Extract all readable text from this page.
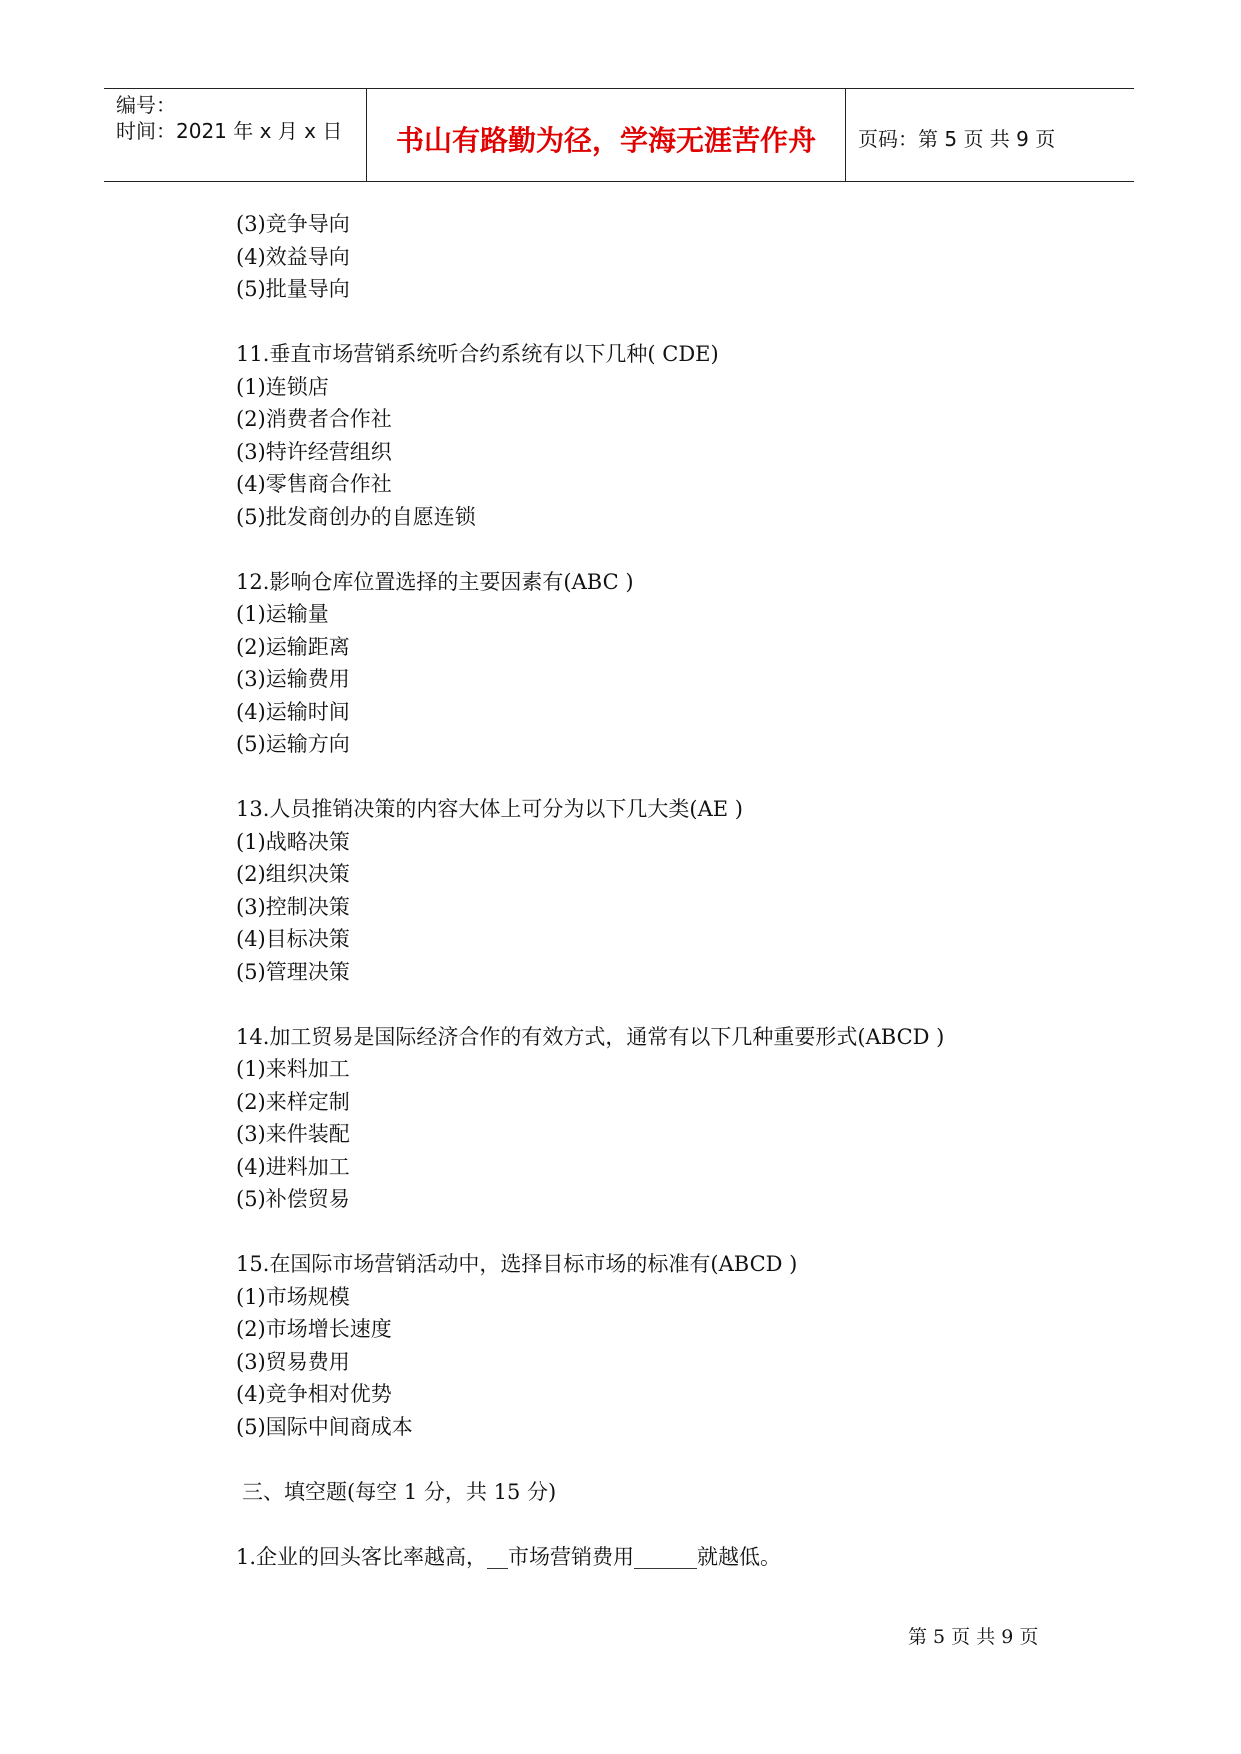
编号：
时间：2021 年 x 月 x 日	书山有路勤为径，学海无涯苦作舟	页码：第 5 页 共 9 页
(3)竞争导向
(4)效益导向
(5)批量导向
11.垂直市场营销系统听合约系统有以下几种( CDE)
(1)连锁店
(2)消费者合作社
(3)特许经营组织
(4)零售商合作社
(5)批发商创办的自愿连锁
12.影响仓库位置选择的主要因素有(ABC )
(1)运输量
(2)运输距离
(3)运输费用
(4)运输时间
(5)运输方向
13.人员推销决策的内容大体上可分为以下几大类(AE )
(1)战略决策
(2)组织决策
(3)控制决策
(4)目标决策
(5)管理决策
14.加工贸易是国际经济合作的有效方式，通常有以下几种重要形式(ABCD )
(1)来料加工
(2)来样定制
(3)来件装配
(4)进料加工
(5)补偿贸易
15.在国际市场营销活动中，选择目标市场的标准有(ABCD )
(1)市场规模
(2)市场增长速度
(3)贸易费用
(4)竞争相对优势
(5)国际中间商成本
三、填空题(每空 1 分，共 15 分)
1.企业的回头客比率越高，__市场营销费用______就越低。
第 5 页 共 9 页
